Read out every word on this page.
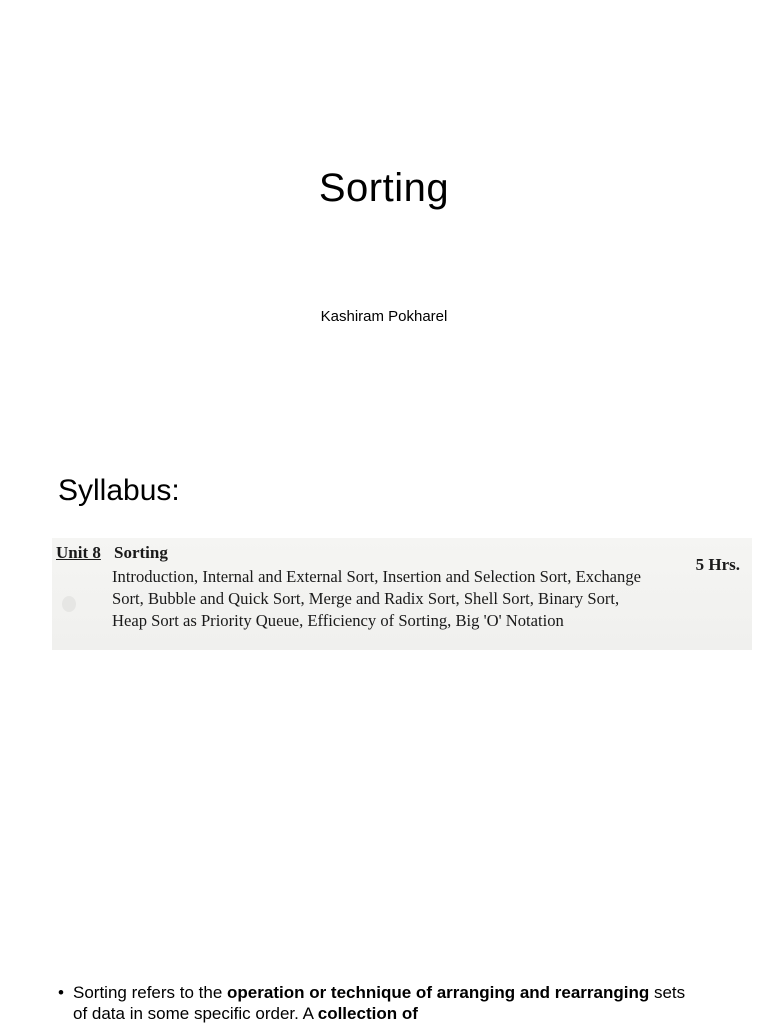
Sorting

Kashiram Pokharel

Syllabus:
Unit 8 Sorting
5 Hrs.
Introduction, Internal and External Sort, Insertion and Selection Sort, Exchange
Sort, Bubble and Quick Sort, Merge and Radix Sort, Shell Sort, Binary Sort,
Heap Sort as Priority Queue, Efficiency of Sorting, Big 'O' Notation
• Sorting refers to the operation or technique of arranging and rearranging sets of data in some specific order. A collection of
